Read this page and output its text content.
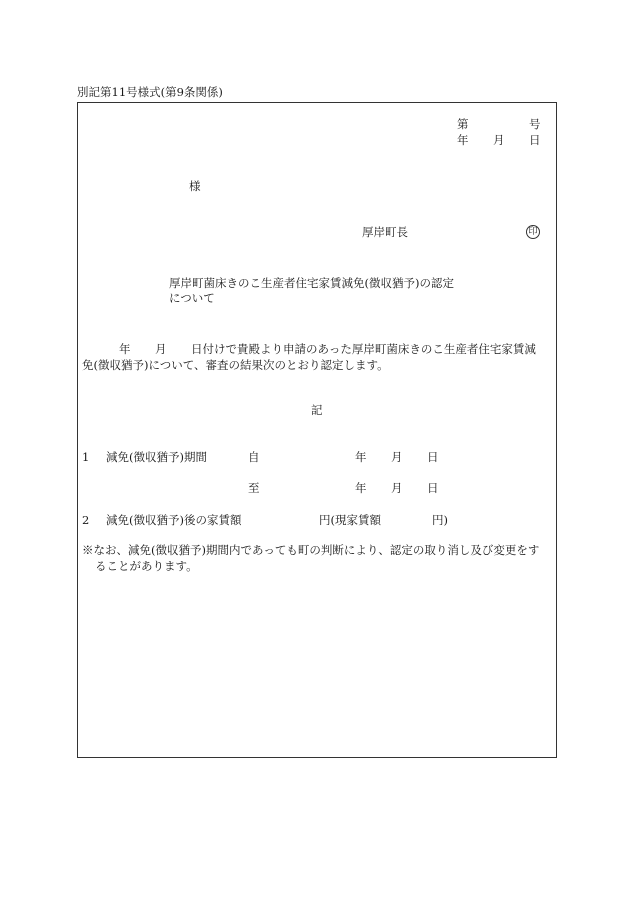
別記第11号様式(第9条関係)
第	号
年 月 日
様
厚岸町長	印
厚岸町菌床きのこ生産者住宅家賃減免(徴収猶予)の認定
について
年 月 日付けで貴殿より申請のあった厚岸町菌床きのこ生産者住宅家賃減
免(徴収猶予)について、審査の結果次のとおり認定します。
記
1 減免(徴収猶予)期間	自	年 月 日
至	年 月 日
2 減免(徴収猶予)後の家賃額	円(現家賃額	円)
※なお、減免(徴収猶予)期間内であっても町の判断により、認定の取り消し及び変更をす
ることがあります。
